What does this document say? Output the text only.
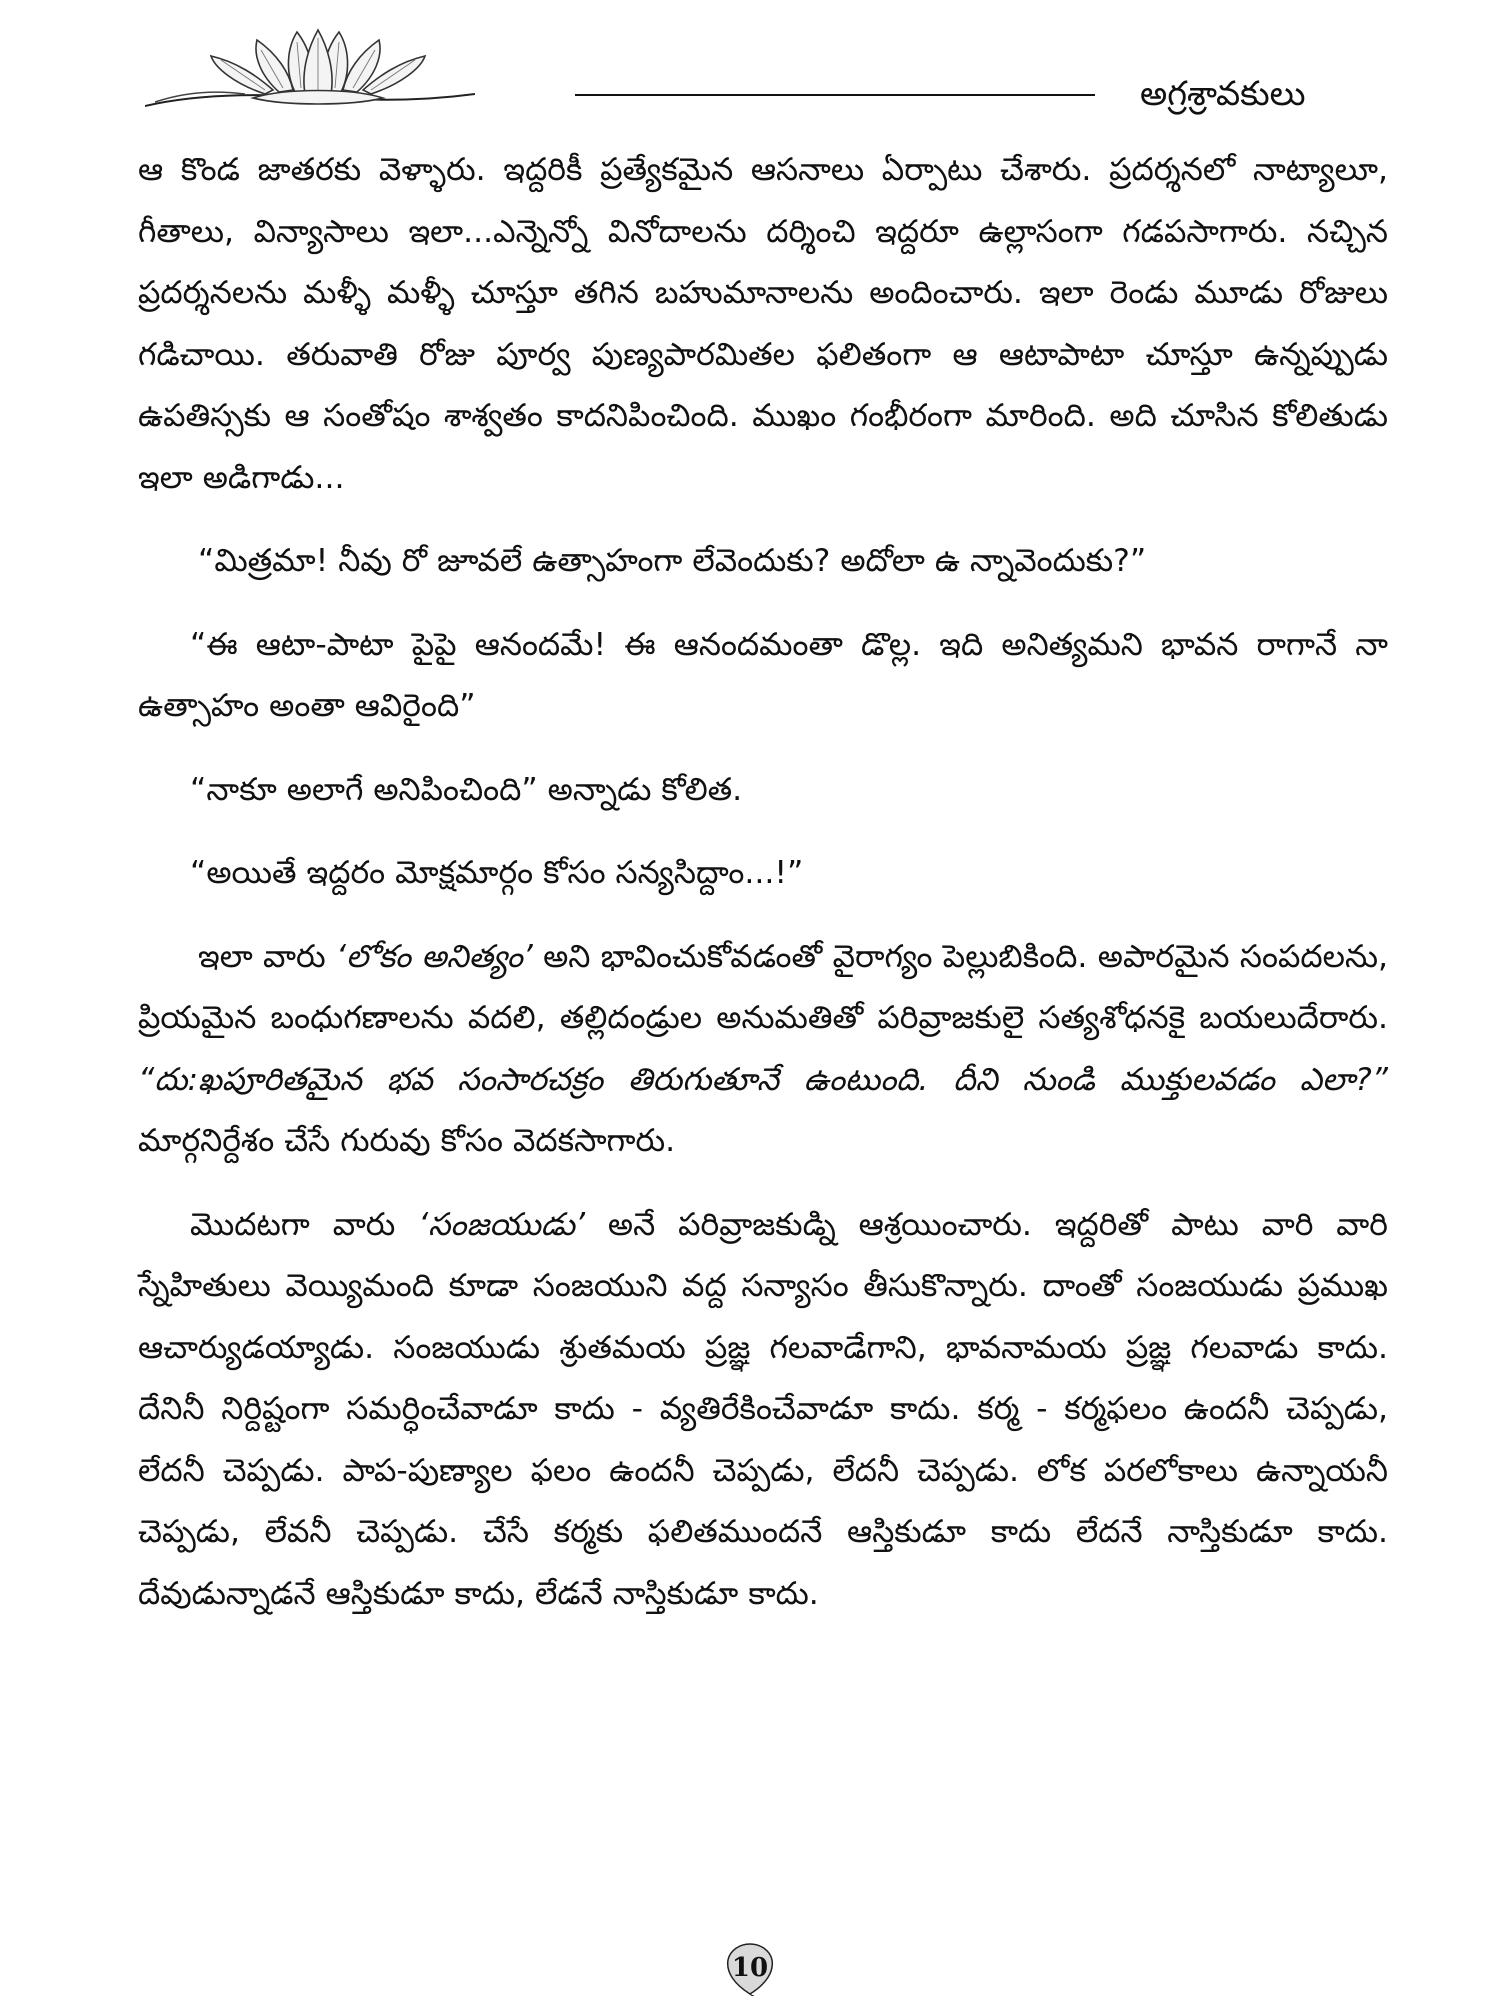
అగ్రశ్రావకులు

ఆ కొండ జాతరకు వెళ్ళారు. ఇద్దరికీ ప్రత్యేకమైన ఆసనాలు ఏర్పాటు చేశారు. ప్రదర్శనలో నాట్యాలూ, గీతాలు, విన్యాసాలు ఇలా...ఎన్నెన్నో వినోదాలను దర్శించి ఇద్దరూ ఉల్లాసంగా గడపసాగారు. నచ్చిన ప్రదర్శనలను మళ్ళీ మళ్ళీ చూస్తూ తగిన బహుమానాలను అందించారు. ఇలా రెండు మూడు రోజులు గడిచాయి. తరువాతి రోజు పూర్వ పుణ్యపారమితల ఫలితంగా ఆ ఆటాపాటా చూస్తూ ఉన్నప్పుడు ఉపతిస్సకు ఆ సంతోషం శాశ్వతం కాదనిపించింది. ముఖం గంభీరంగా మారింది. అది చూసిన కోలితుడు ఇలా అడిగాడు...

“మిత్రమా! నీవు రో జూవలే ఉత్సాహంగా లేవెందుకు? అదోలా ఉ న్నావెందుకు?”

“ఈ ఆటా-పాటా పైపై ఆనందమే! ఈ ఆనందమంతా డొల్ల. ఇది అనిత్యమని భావన రాగానే నా ఉత్సాహం అంతా ఆవిరైంది”

“నాకూ అలాగే అనిపించింది” అన్నాడు కోలిత.

“అయితే ఇద్దరం మోక్షమార్గం కోసం సన్యసిద్దాం...!”

ఇలా వారు ‘లోకం అనిత్యం’ అని భావించుకోవడంతో వైరాగ్యం పెల్లుబికింది. అపారమైన సంపదలను, ప్రియమైన బంధుగణాలను వదలి, తల్లిదండ్రుల అనుమతితో పరివ్రాజకులై సత్యశోధనకై బయలుదేరారు. “దు:ఖపూరితమైన భవ సంసారచక్రం తిరుగుతూనే ఉంటుంది. దీని నుండి ముక్తులవడం ఎలా?” మార్గనిర్దేశం చేసే గురువు కోసం వెదకసాగారు.

మొదటగా వారు ‘సంజయుడు’ అనే పరివ్రాజకుడ్ని ఆశ్రయించారు. ఇద్దరితో పాటు వారి వారి స్నేహితులు వెయ్యిమంది కూడా సంజయుని వద్ద సన్యాసం తీసుకొన్నారు. దాంతో సంజయుడు ప్రముఖ ఆచార్యుడయ్యాడు. సంజయుడు శ్రుతమయ ప్రజ్ఞ గలవాడేగాని, భావనామయ ప్రజ్ఞ గలవాడు కాదు. దేనినీ నిర్దిష్టంగా సమర్ధించేవాడూ కాదు - వ్యతిరేకించేవాడూ కాదు. కర్మ - కర్మఫలం ఉందనీ చెప్పడు, లేదనీ చెప్పడు. పాప-పుణ్యాల ఫలం ఉందనీ చెప్పడు, లేదనీ చెప్పడు. లోక పరలోకాలు ఉన్నాయనీ చెప్పడు, లేవనీ చెప్పడు. చేసే కర్మకు ఫలితముందనే ఆస్తికుడూ కాదు లేదనే నాస్తికుడూ కాదు. దేవుడున్నాడనే ఆస్తికుడూ కాదు, లేడనే నాస్తికుడూ కాదు.

10
